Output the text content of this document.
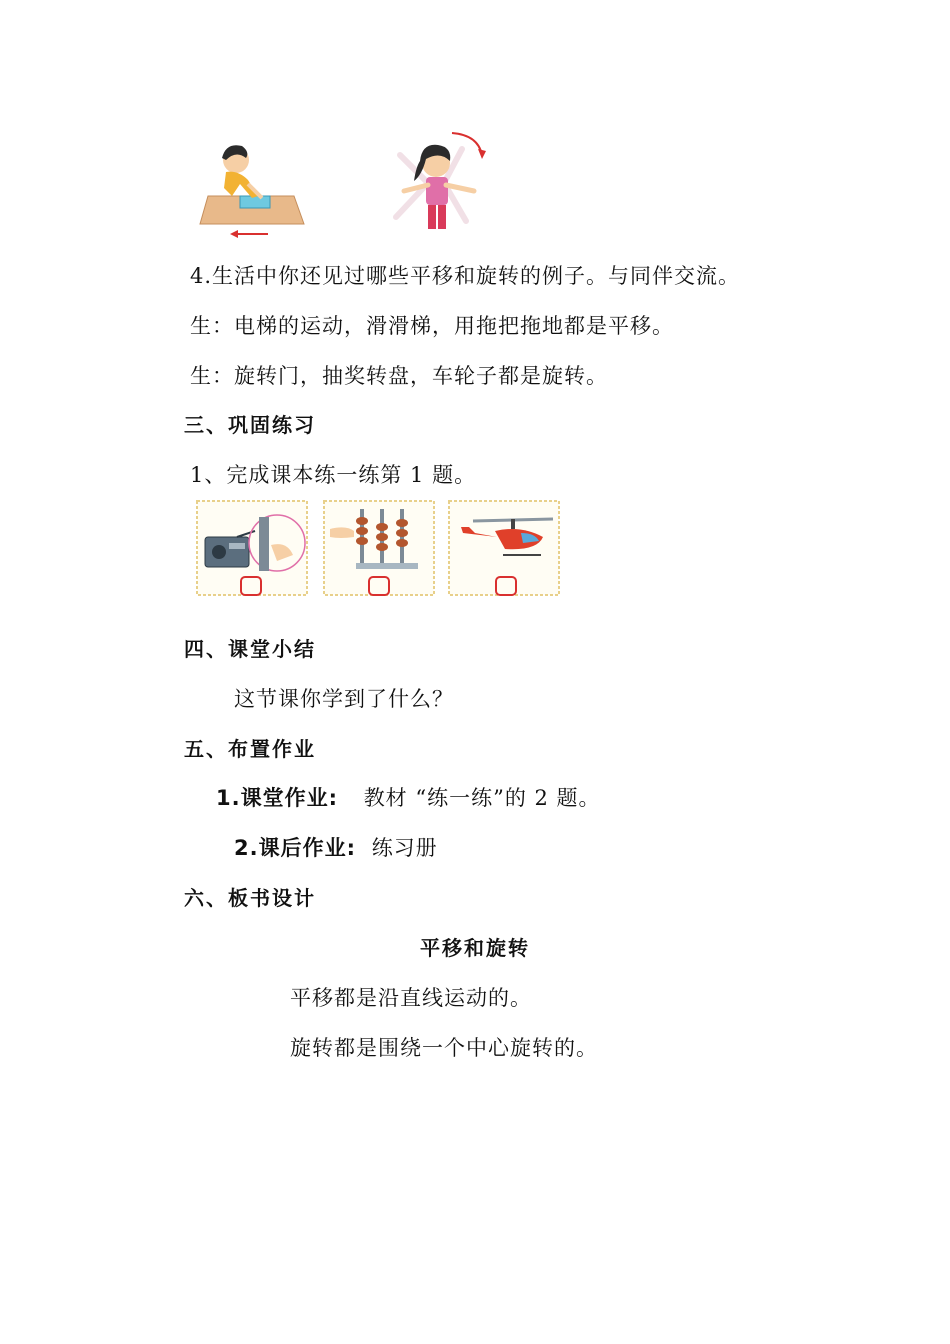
4.生活中你还见过哪些平移和旋转的例子。与同伴交流。
生：电梯的运动，滑滑梯，用拖把拖地都是平移。
生：旋转门，抽奖转盘，车轮子都是旋转。
三、巩固练习
1、完成课本练一练第 1 题。
四、课堂小结
这节课你学到了什么？
五、布置作业
1.课堂作业: 教材 “练一练”的 2 题。
2.课后作业: 练习册
六、板书设计
平移和旋转
平移都是沿直线运动的。
旋转都是围绕一个中心旋转的。
